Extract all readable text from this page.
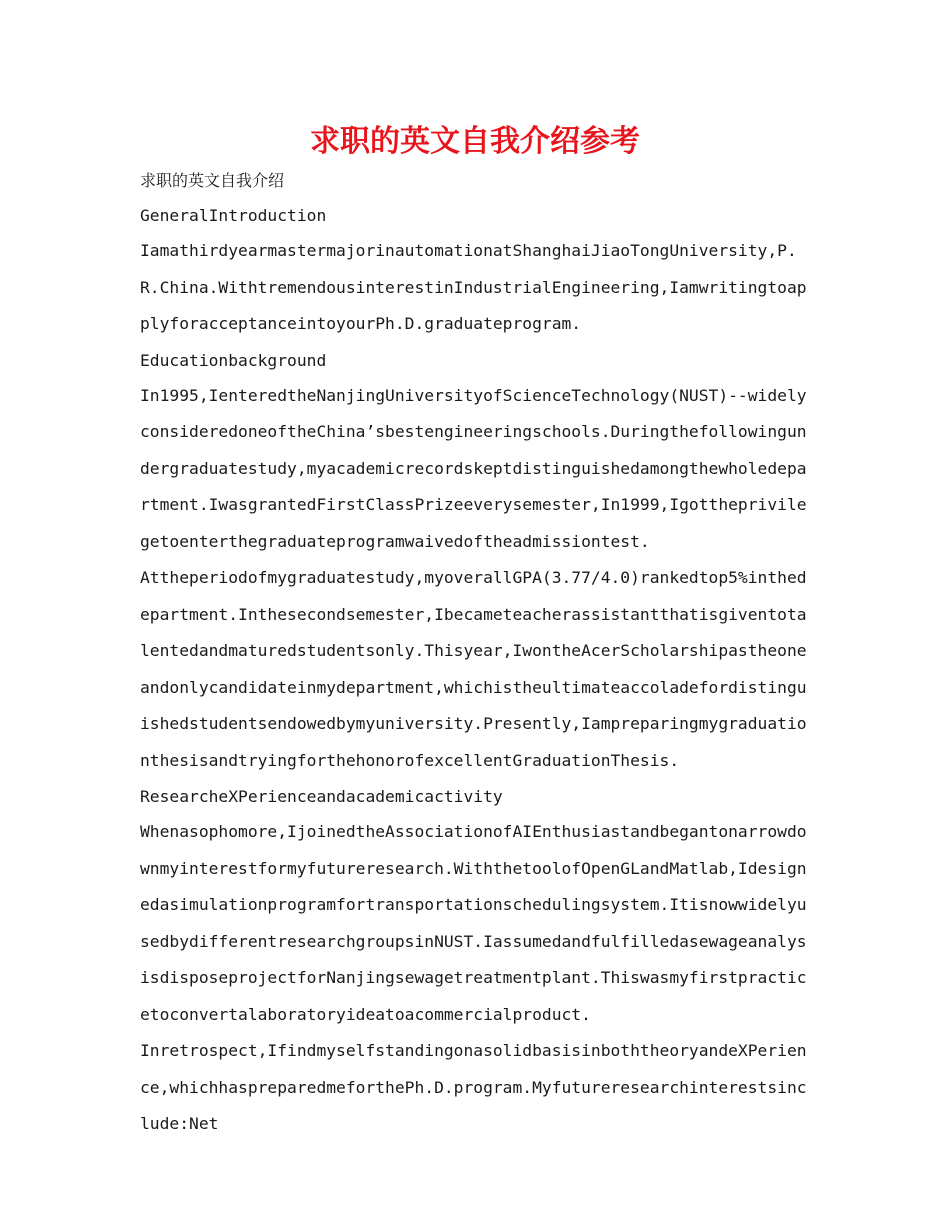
求职的英文自我介绍参考
求职的英文自我介绍
GeneralIntroduction
IamathirdyearmastermajorinautomationatShanghaiJiaoTongUniversity,P.R.China.WithtremendousinterestinIndustrialEngineering,IamwritingtoapplyforacceptanceintoyourPh.D.graduateprogram.
Educationbackground
In1995,IenteredtheNanjingUniversityofScienceTechnology(NUST)--widelyconsideredoneoftheChina’sbestengineeringschools.Duringthefollowingundergraduatestudy,myacademicrecordskeptdistinguishedamongthewholedepartment.IwasgrantedFirstClassPrizeeverysemester,In1999,Igottheprivilegetoenterthegraduateprogramwaivedoftheadmissiontest.
Attheperiodofmygraduatestudy,myoverallGPA(3.77/4.0)rankedtop5%inthedepartment.Inthesecondsemester,Ibecameteacherassistantthatisgiventotalentedandmaturedstudentsonly.Thisyear,IwontheAcerScholarshipastheoneandonlycandidateinmydepartment,whichistheultimateaccoladefordistinguishedstudentsendowedbymyuniversity.Presently,IampreparingmygraduationthesisandtryingforthehonorofexcellentGraduationThesis.
ResearcheXPerienceandacademicactivity
Whenasophomore,IjoinedtheAssociationofAIEnthusiastandbegantonarrowdownmyinterestformyfutureresearch.WiththetoolofOpenGLandMatlab,Idesignedasimulationprogramfortransportationschedulingsystem.ItisnowwidelyusedbydifferentresearchgroupsinNUST.IassumedandfulfilledasewageanalysisdisposeprojectforNanjingsewagetreatmentplant.Thiswasmyfirstpracticetoconvertalaboratoryideatoacommercialproduct.
Inretrospect,IfindmyselfstandingonasolidbasisinboththeoryandeXPerience,whichhaspreparedmeforthePh.D.program.Myfutureresearchinterestsinclude:Net
